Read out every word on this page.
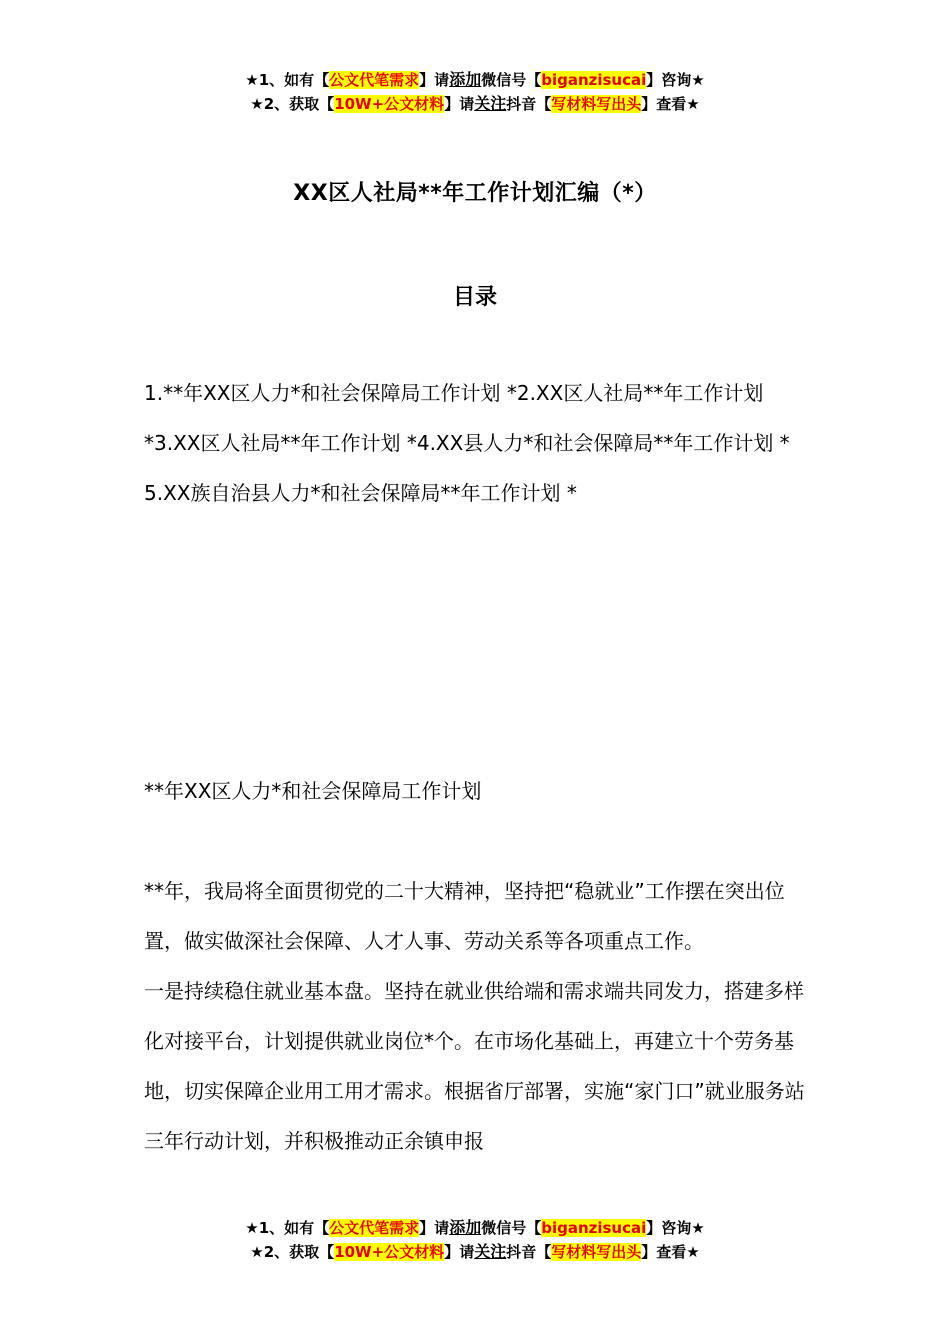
★1、如有【公文代笔需求】请添加微信号【biganzisucai】咨询★
★2、获取【10W+公文材料】请关注抖音【写材料写出头】查看★
XX区人社局**年工作计划汇编（*）
目录

1.**年XX区人力*和社会保障局工作计划 *2.XX区人社局**年工作计划 *3.XX区人社局**年工作计划 *4.XX县人力*和社会保障局**年工作计划 *

5.XX族自治县人力*和社会保障局**年工作计划 *

**年XX区人力*和社会保障局工作计划

**年，我局将全面贯彻党的二十大精神，坚持把“稳就业”工作摆在突出位置，做实做深社会保障、人才人事、劳动关系等各项重点工作。

一是持续稳住就业基本盘。坚持在就业供给端和需求端共同发力，搭建多样化对接平台，计划提供就业岗位*个。在市场化基础上，再建立十个劳务基地，切实保障企业用工用才需求。根据省厅部署，实施“家门口”就业服务站三年行动计划，并积极推动正余镇申报

★1、如有【公文代笔需求】请添加微信号【biganzisucai】咨询★
★2、获取【10W+公文材料】请关注抖音【写材料写出头】查看★
